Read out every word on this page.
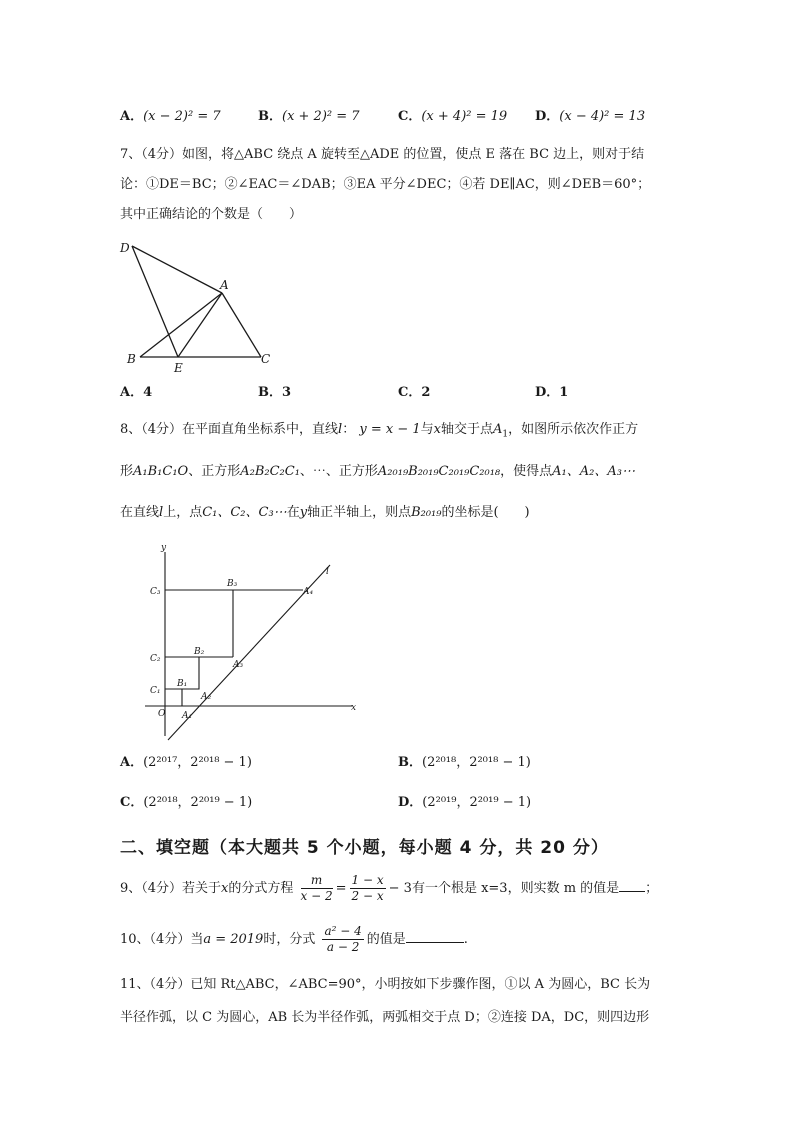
A．(x − 2)² = 7	B．(x + 2)² = 7	C．(x + 4)² = 19 D．(x − 4)² = 13
7、（4分）如图，将△ABC 绕点 A 旋转至△ADE 的位置，使点 E 落在 BC 边上，则对于结
论：①DE＝BC；②∠EAC＝∠DAB；③EA 平分∠DEC；④若 DE∥AC，则∠DEB＝60°；
其中正确结论的个数是（　　）
D
A
B
E
C
A．4	B．3	C．2	D．1
8、（4分）在平面直角坐标系中，直线l： y = x − 1与x轴交于点$A_1$，如图所示依次作正方
形A₁B₁C₁O、正方形A₂B₂C₂C₁、⋯、正方形A₂₀₁₉B₂₀₁₉C₂₀₁₉C₂₀₁₈，使得点A₁、A₂、A₃⋯
在直线l上，点C₁、C₂、C₃⋯在y轴正半轴上，则点B₂₀₁₉的坐标是(　　)
y
x
l
O
C₁
C₂
C₃
B₁
B₂
B₃
A₁
A₂
A₃
A₄
A．(2²⁰¹⁷，2²⁰¹⁸ − 1)	B．(2²⁰¹⁸，2²⁰¹⁸ − 1)
C．(2²⁰¹⁸，2²⁰¹⁹ − 1)	D．(2²⁰¹⁹，2²⁰¹⁹ − 1)
二、填空题（本大题共 5 个小题，每小题 4 分，共 20 分）
9、（4分）若关于x的分式方程 $\frac{m}{x - 2} = \frac{1 - x}{2 - x} - 3$有一个根是 x=3，则实数 m 的值是 ；
10、（4分）当a = 2019时，分式 $\frac{\text{a² − 4}}{a - 2}$ 的值是	.
11、（4分）已知 Rt△ABC，∠ABC=90°，小明按如下步骤作图，①以 A 为圆心，BC 长为
半径作弧，以 C 为圆心，AB 长为半径作弧，两弧相交于点 D；②连接 DA，DC，则四边形
